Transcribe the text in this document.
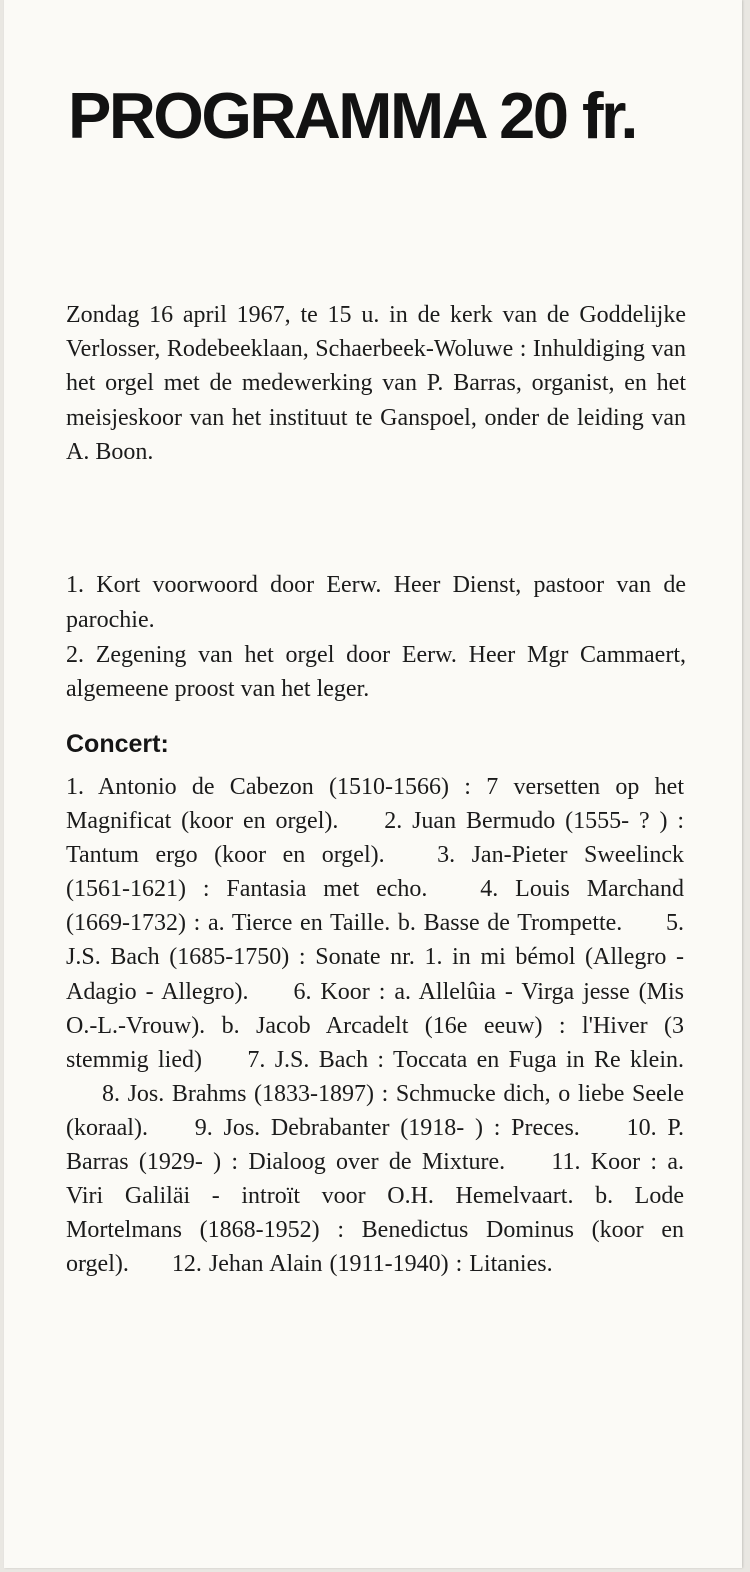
PROGRAMMA 20 fr.

Zondag 16 april 1967, te 15 u. in de kerk van de Goddelijke Verlosser, Rodebeeklaan, Schaerbeek-Woluwe : Inhuldiging van het orgel met de medewerking van P. Barras, organist, en het meisjeskoor van het instituut te Ganspoel, onder de leiding van A. Boon.

1. Kort voorwoord door Eerw. Heer Dienst, pastoor van de parochie.

2. Zegening van het orgel door Eerw. Heer Mgr Cammaert, algemeene proost van het leger.

Concert:

1. Antonio de Cabezon (1510-1566) : 7 versetten op het Magnificat (koor en orgel). 2. Juan Bermudo (1555- ? ) : Tantum ergo (koor en orgel). 3. Jan-Pieter Sweelinck (1561-1621) : Fantasia met echo. 4. Louis Marchand (1669-1732) : a. Tierce en Taille. b. Basse de Trompette. 5. J.S. Bach (1685-1750) : Sonate nr. 1. in mi bémol (Allegro - Adagio - Allegro). 6. Koor : a. Allelûia - Virga jesse (Mis O.-L.-Vrouw). b. Jacob Arcadelt (16e eeuw) : l'Hiver (3 stemmig lied) 7. J.S. Bach : Toccata en Fuga in Re klein. 8. Jos. Brahms (1833-1897) : Schmucke dich, o liebe Seele (koraal). 9. Jos. Debrabanter (1918- ) : Preces. 10. P. Barras (1929- ) : Dialoog over de Mixture. 11. Koor : a. Viri Galiläi - introït voor O.H. Hemelvaart. b. Lode Mortelmans (1868-1952) : Benedictus Dominus (koor en orgel). 12. Jehan Alain (1911-1940) : Litanies.
